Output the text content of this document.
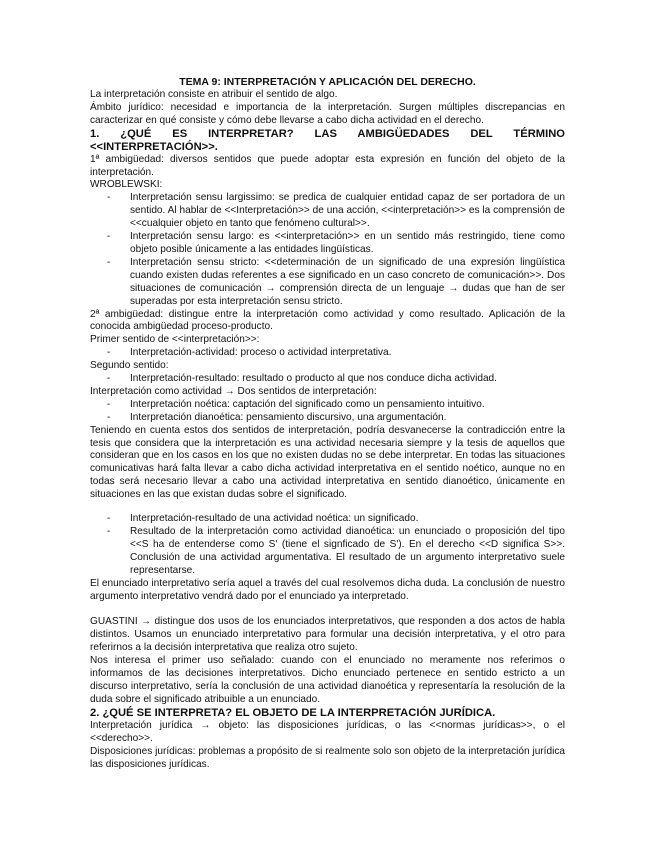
TEMA 9: INTERPRETACIÓN Y APLICACIÓN DEL DERECHO.

La interpretación consiste en atribuir el sentido de algo.

Ámbito jurídico: necesidad e importancia de la interpretación. Surgen múltiples discrepancias en caracterizar en qué consiste y cómo debe llevarse a cabo dicha actividad en el derecho.

1. ¿QUÉ ES INTERPRETAR? LAS AMBIGÜEDADES DEL TÉRMINO

<<INTERPRETACIÓN>>.

1ª ambigüedad: diversos sentidos que puede adoptar esta expresión en función del objeto de la interpretación.

WROBLEWSKI:

- Interpretación sensu largissimo: se predica de cualquier entidad capaz de ser portadora de un sentido. Al hablar de <<Interpretación>> de una acción, <<interpretación>> es la comprensión de <<cualquier objeto en tanto que fenómeno cultural>>.
- Interpretación sensu largo: es <<interpretación>> en un sentido más restringido, tiene como objeto posible únicamente a las entidades lingüísticas.
- Interpretación sensu stricto: <<determinación de un significado de una expresión lingüística cuando existen dudas referentes a ese significado en un caso concreto de comunicación>>. Dos situaciones de comunicación → comprensión directa de un lenguaje → dudas que han de ser superadas por esta interpretación sensu stricto.

2ª ambigüedad: distingue entre la interpretación como actividad y como resultado. Aplicación de la conocida ambigüedad proceso-producto.

Primer sentido de <<interpretación>>:

- Interpretación-actividad: proceso o actividad interpretativa.

Segundo sentido:

- Interpretación-resultado: resultado o producto al que nos conduce dicha actividad.

Interpretación como actividad → Dos sentidos de interpretación:

- Interpretación noética: captación del significado como un pensamiento intuitivo.
- Interpretación dianoética: pensamiento discursivo, una argumentación.

Teniendo en cuenta estos dos sentidos de interpretación, podría desvanecerse la contradicción entre la tesis que considera que la interpretación es una actividad necesaria siempre y la tesis de aquellos que consideran que en los casos en los que no existen dudas no se debe interpretar. En todas las situaciones comunicativas hará falta llevar a cabo dicha actividad interpretativa en el sentido noético, aunque no en todas será necesario llevar a cabo una actividad interpretativa en sentido dianoético, únicamente en situaciones en las que existan dudas sobre el significado.

- Interpretación-resultado de una actividad noética: un significado.
- Resultado de la interpretación como actividad dianoética: un enunciado o proposición del tipo <<S ha de entenderse como S' (tiene el signficado de S'). En el derecho <<D significa S>>. Conclusión de una actividad argumentativa. El resultado de un argumento interpretativo suele representarse.

El enunciado interpretativo sería aquel a través del cual resolvemos dicha duda. La conclusión de nuestro argumento interpretativo vendrá dado por el enunciado ya interpretado.

GUASTINI → distingue dos usos de los enunciados interpretativos, que responden a dos actos de habla distintos. Usamos un enunciado interpretativo para formular una decisión interpretativa, y el otro para referirnos a la decisión interpretativa que realiza otro sujeto.

Nos interesa el primer uso señalado: cuando con el enunciado no meramente nos referimos o informamos de las decisiones interpretativos. Dicho enunciado pertenece en sentido estricto a un discurso interpretativo, sería la conclusión de una actividad dianoética y representaría la resolución de la duda sobre el significado atribuible a un enunciado.

2. ¿QUÉ SE INTERPRETA? EL OBJETO DE LA INTERPRETACIÓN JURÍDICA.

Interpretación jurídica → objeto: las disposiciones jurídicas, o las <<normas jurídicas>>, o el <<derecho>>.

Disposiciones jurídicas: problemas a propósito de si realmente solo son objeto de la interpretación jurídica las disposiciones jurídicas.
